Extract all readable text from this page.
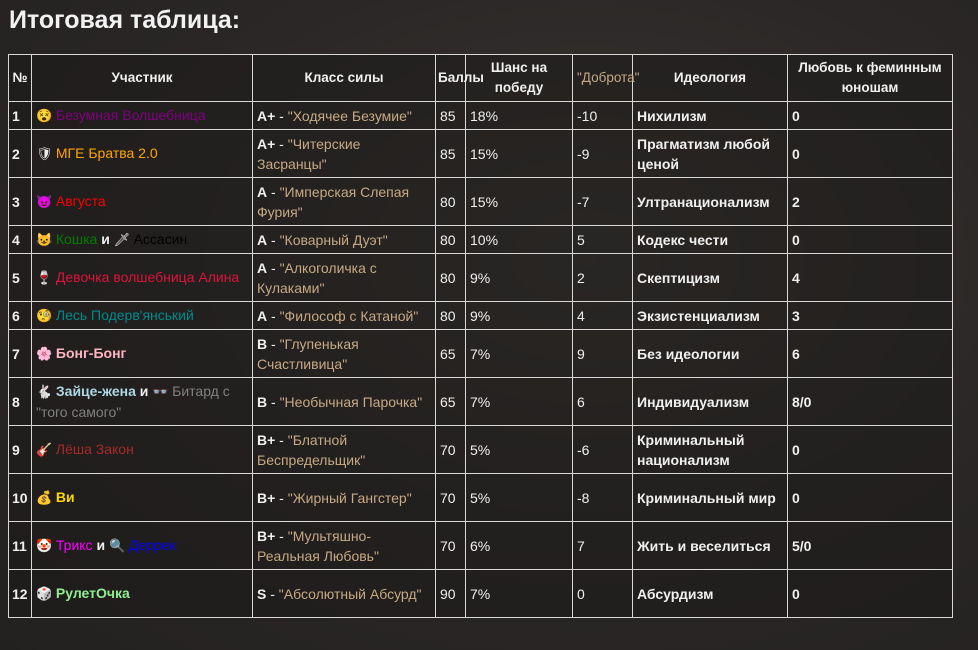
Итоговая таблица:
№	Участник	Класс силы	Баллы	Шанс на победу	"Доброта"	Идеология	Любовь к феминным юношам
1	😵 Безумная Волшебница	A+ - "Ходячее Безумие"	85	18%	-10	Нихилизм	0
2	🛡 МГЕ Братва 2.0	A+ - "Читерские Засранцы"	85	15%	-9	Прагматизм любой ценой	0
3	😈 Августа	A - "Имперская Слепая Фурия"	80	15%	-7	Ултранационализм	2
4	😺 Кошка и 🗡 Ассасин	A - "Коварный Дуэт"	80	10%	5	Кодекс чести	0
5	🍷 Девочка волшебница Алина	A - "Алкоголичка с Кулаками"	80	9%	2	Скептицизм	4
6	🧐 Лесь Подерв'янський	A - "Философ с Катаной"	80	9%	4	Экзистенциализм	3
7	🌸 Бонг-Бонг	B - "Глупенькая Счастливица"	65	7%	9	Без идеологии	6
8	🐇 Зайце-жена и 👓 Битард с "того самого"	B - "Необычная Парочка"	65	7%	6	Индивидуализм	8/0
9	🎸 Лёша Закон	B+ - "Блатной Беспредельщик"	70	5%	-6	Криминальный национализм	0
10	💰 Ви	B+ - "Жирный Гангстер"	70	5%	-8	Криминальный мир	0
11	🤡 Трикс и 🔍 Деррек	B+ - "Мультяшно-Реальная Любовь"	70	6%	7	Жить и веселиться	5/0
12	🎲 РулетОчка	S - "Абсолютный Абсурд"	90	7%	0	Абсурдизм	0
